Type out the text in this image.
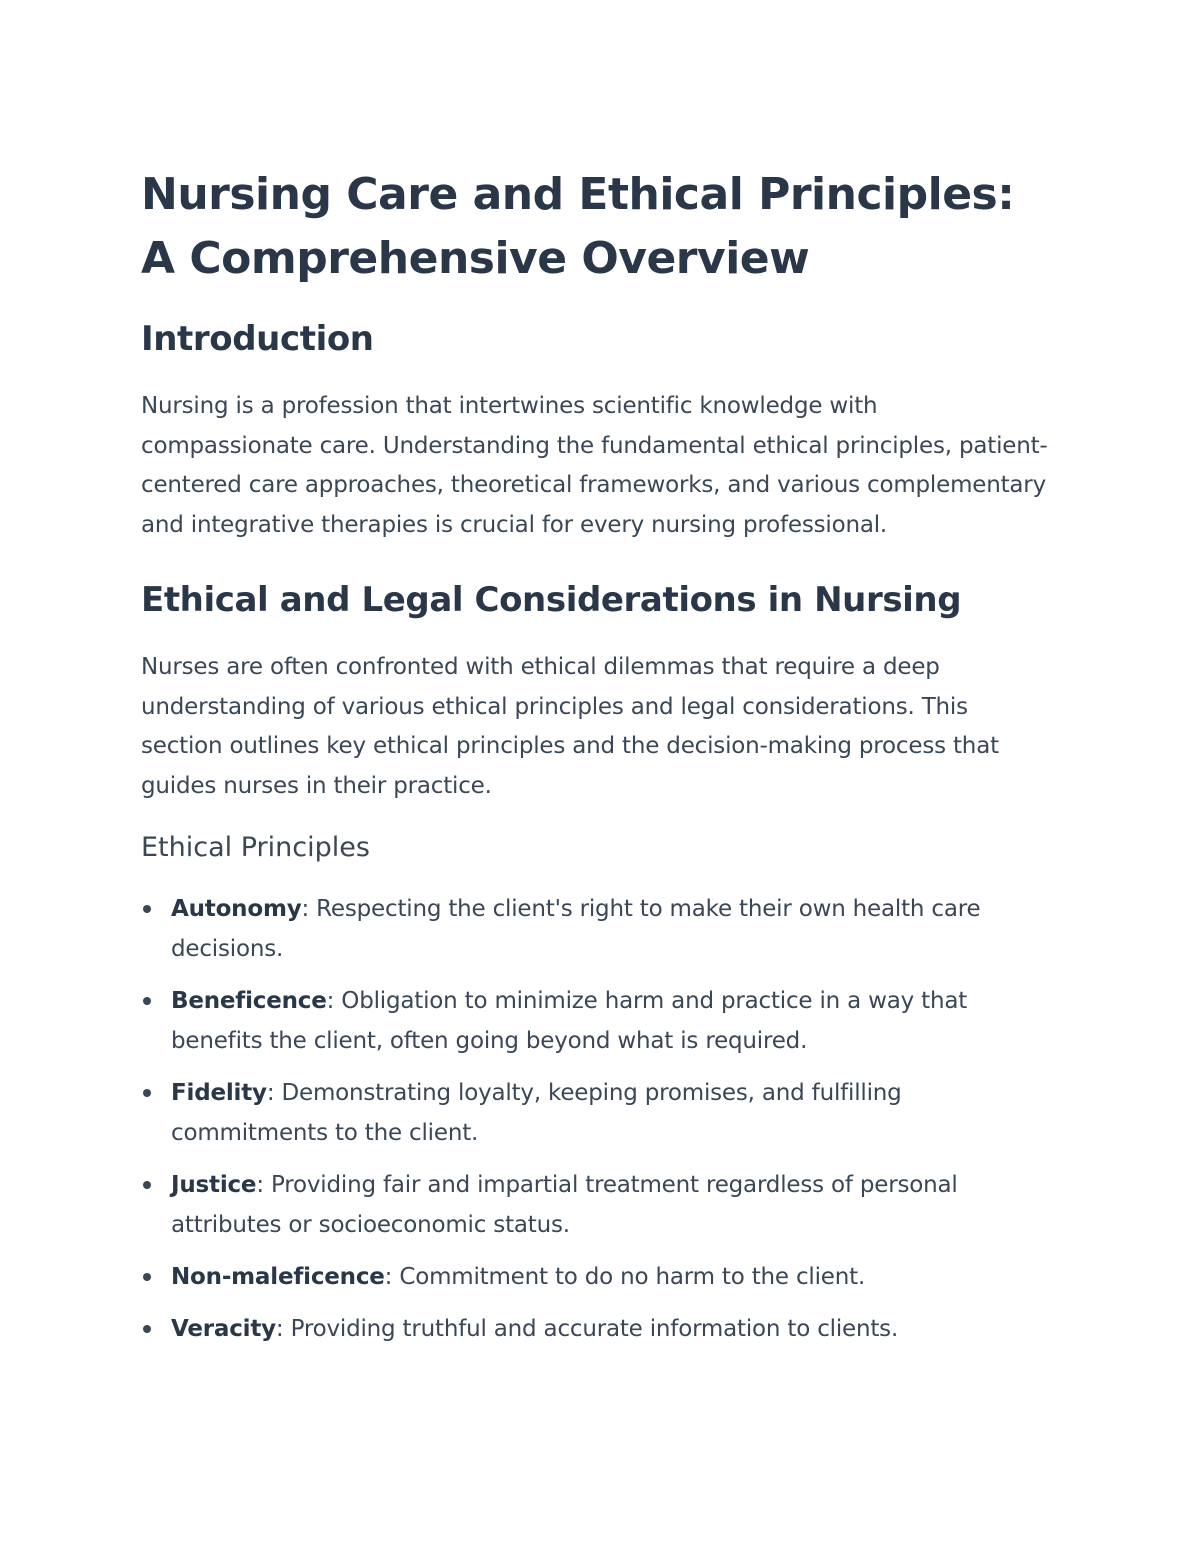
Nursing Care and Ethical Principles: A Comprehensive Overview
Introduction

Nursing is a profession that intertwines scientific knowledge with compassionate care. Understanding the fundamental ethical principles, patient-centered care approaches, theoretical frameworks, and various complementary and integrative therapies is crucial for every nursing professional.

Ethical and Legal Considerations in Nursing

Nurses are often confronted with ethical dilemmas that require a deep understanding of various ethical principles and legal considerations. This section outlines key ethical principles and the decision-making process that guides nurses in their practice.

Ethical Principles
Autonomy: Respecting the client's right to make their own health care decisions.
Beneficence: Obligation to minimize harm and practice in a way that benefits the client, often going beyond what is required.
Fidelity: Demonstrating loyalty, keeping promises, and fulfilling commitments to the client.
Justice: Providing fair and impartial treatment regardless of personal attributes or socioeconomic status.
Non-maleficence: Commitment to do no harm to the client.
Veracity: Providing truthful and accurate information to clients.
